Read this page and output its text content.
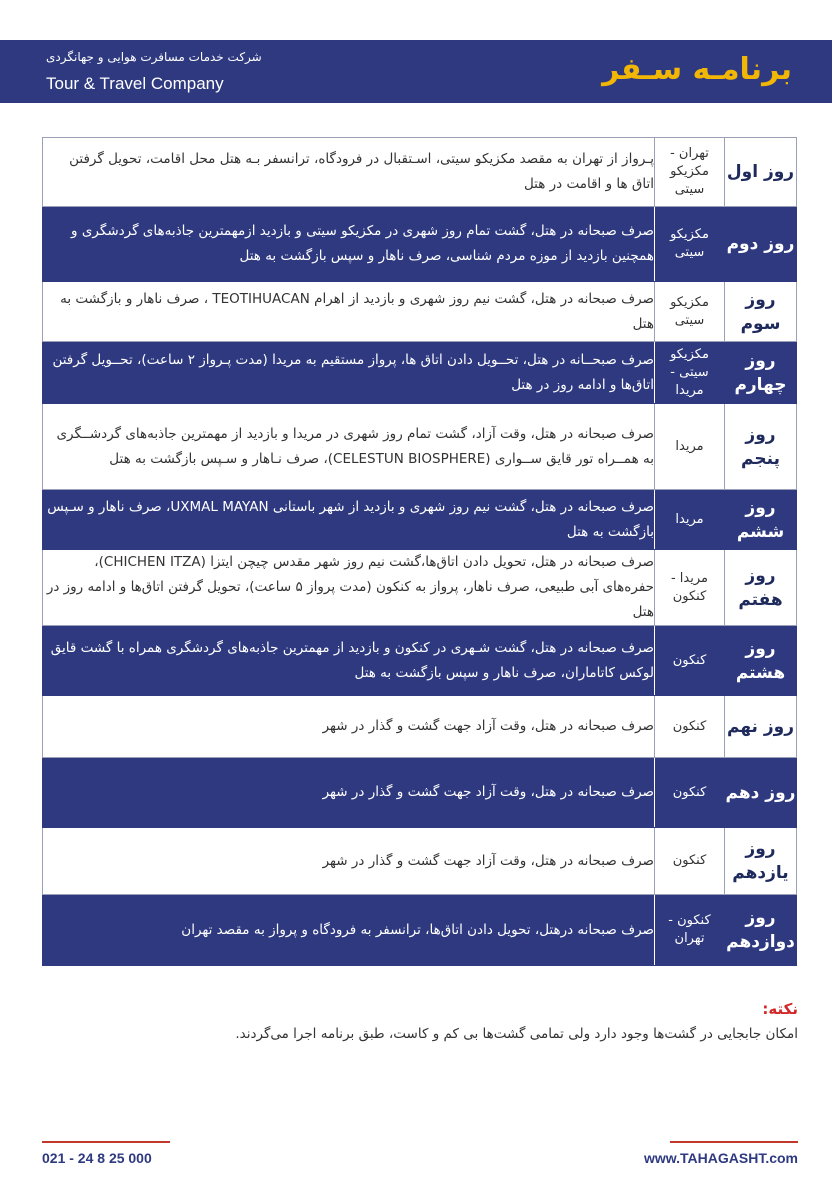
شرکت خدمات مسافرت هوایی و جهانگردی
Tour & Travel Company	برنامـه سـفر
روز اول	تهران - مکزیکو سیتی	پـرواز از تهران به مقصد مکزیکو سیتی، اسـتقبال در فرودگاه، ترانسفر بـه هتل محل اقامت، تحویل گرفتن اتاق ها و اقامت در هتل
روز دوم	مکزیکو سیتی	صرف صبحانه در هتل، گشت تمام روز شهری در مکزیکو سیتی و بازدید ازمهمترین جاذبه‌های گردشگری و همچنین بازدید از موزه مردم شناسی، صرف ناهار و سپس بازگشت به هتل
روز سوم	مکزیکو سیتی	صرف صبحانه در هتل، گشت نیم روز شهری و بازدید از اهرام TEOTIHUACAN ، صرف ناهار و بازگشت به هتل
روز چهارم	مکزیکو سیتی - مریدا	صرف صبحــانه در هتل، تحــویل دادن اتاق ها، پرواز مستقیم به مریدا (مدت پـرواز ۲ ساعت)، تحــویل گرفتن اتاق‌ها و ادامه روز در هتل
روز پنجم	مریدا	صرف صبحانه در هتل، وقت آزاد، گشت تمام روز شهری در مریدا و بازدید از مهمترین جاذبه‌های گردشــگری به همــراه تور قایق ســواری (CELESTUN BIOSPHERE)، صرف نـاهار و سـپس بازگشت به هتل
روز ششم	مریدا	صرف صبحانه در هتل، گشت نیم روز شهری و بازدید از شهر باستانی UXMAL MAYAN، صرف ناهار و سـپس بازگشت به هتل
روز هفتم	مریدا - کنکون	صرف صبحانه در هتل، تحویل دادن اتاق‌ها،گشت نیم روز شهر مقدس چیچن ایتزا (CHICHEN ITZA)، حفره‌های آبی طبیعی، صرف ناهار، پرواز به کنکون (مدت پرواز ۵ ساعت)، تحویل گرفتن اتاق‌ها و ادامه روز در هتل
روز هشتم	کنکون	صرف صبحانه در هتل، گشت شـهری در کنکون و بازدید از مهمترین جاذبه‌های گردشگری همراه با گشت قایق لوکس کاتاماران، صرف ناهار و سپس بازگشت به هتل
روز نهم	کنکون	صرف صبحانه در هتل، وقت آزاد جهت گشت و گذار در شهر
روز دهم	کنکون	صرف صبحانه در هتل، وقت آزاد جهت گشت و گذار در شهر
روز یازدهم	کنکون	صرف صبحانه در هتل، وقت آزاد جهت گشت و گذار در شهر
روز دوازدهم	کنکون - تهران	صرف صبحانه درهتل، تحویل دادن اتاق‌ها، ترانسفر به فرودگاه و پرواز به مقصد تهران
نکته:
امکان جابجایی در گشت‌ها وجود دارد ولی تمامی گشت‌ها بی کم و کاست، طبق برنامه اجرا می‌گردند.
021 - 24 8 25 000	www.TAHAGASHT.com
